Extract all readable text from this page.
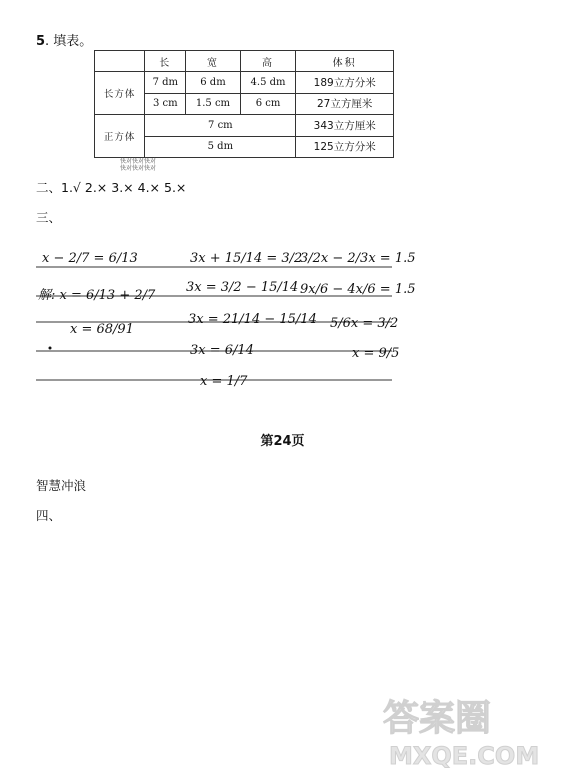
5. 填表。
	长	宽	高	体积
长方体	7 dm	6 dm	4.5 dm	189立方分米
	3 cm	1.5 cm	6 cm	27立方厘米
正方体	7 cm			343立方厘米
	5 dm			125立方分米
快对快对快对
快对快对快对
二、1.√ 2.× 3.× 4.× 5.×
三、
x − 2/7 = 6/13
解: x = 6/13 + 2/7
x = 68/91
3x + 15/14 = 3/2
3x = 3/2 − 15/14
3x = 21/14 − 15/14
3x = 6/14
x = 1/7
3/2x − 2/3x = 1.5
9x/6 − 4x/6 = 1.5
5/6x = 3/2
x = 9/5
第24页
智慧冲浪
四、
答案圈
MXQE.COM
